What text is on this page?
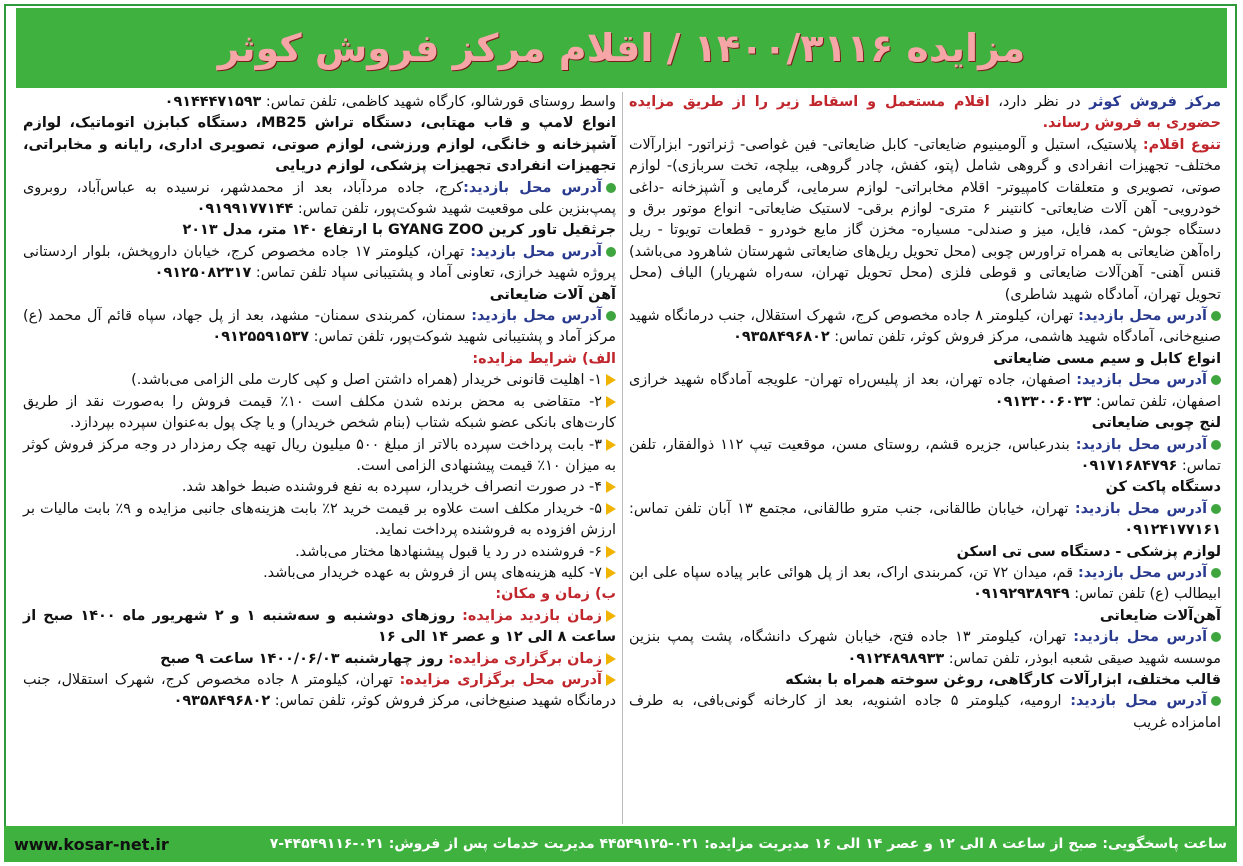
مزایده ۱۴۰۰/۳۱۱۶ / اقلام مرکز فروش کوثر

مرکز فروش کوثر در نظر دارد، اقلام مستعمل و اسقاط زیر را از طریق مزایده حضوری به فروش رساند.

تنوع اقلام: پلاستیک، استیل و آلومینیوم ضایعاتی- کابل ضایعاتی- فین غواصی- ژنراتور- ابزارآلات مختلف- تجهیزات انفرادی و گروهی شامل (پتو، کفش، چادر گروهی، بیلچه، تخت سربازی)- لوازم صوتی، تصویری و متعلقات کامپیوتر- اقلام مخابراتی- لوازم سرمایی، گرمایی و آشپزخانه -داغی خودرویی- آهن آلات ضایعاتی- کانتینر ۶ متری- لوازم برقی- لاستیک ضایعاتی- انواع موتور برق و دستگاه جوش- کمد، فایل، میز و صندلی- مسیاره- مخزن گاز مایع خودرو - قطعات تویوتا - ریل راه‌آهن ضایعاتی به همراه تراورس چوبی (محل تحویل ریل‌های ضایعاتی شهرستان شاهرود می‌باشد) قنس آهنی- آهن‌آلات ضایعاتی و قوطی فلزی (محل تحویل تهران، سه‌راه شهریار) الیاف (محل تحویل تهران، آمادگاه شهید شاطری)

آدرس محل بازدید: تهران، کیلومتر ۸ جاده مخصوص کرج، شهرک استقلال، جنب درمانگاه شهید صنیع‌خانی، آمادگاه شهید هاشمی، مرکز فروش کوثر، تلفن تماس: ۰۹۳۵۸۴۹۶۸۰۲

انواع کابل و سیم مسی ضایعاتی

آدرس محل بازدید: اصفهان، جاده تهران، بعد از پلیس‌راه تهران- علویجه آمادگاه شهید خرازی اصفهان، تلفن تماس: ۰۹۱۳۳۰۰۶۰۳۳

لنج چوبی ضایعاتی

آدرس محل بازدید: بندرعباس، جزیره قشم، روستای مسن، موقعیت تیپ ۱۱۲ ذوالفقار، تلفن تماس: ۰۹۱۷۱۶۸۴۷۹۶

دستگاه پاکت کن

آدرس محل بازدید: تهران، خیابان طالقانی، جنب مترو طالقانی، مجتمع ۱۳ آبان تلفن تماس: ۰۹۱۲۴۱۷۷۱۶۱

لوازم پزشکی - دستگاه سی تی اسکن

آدرس محل بازدید: قم، میدان ۷۲ تن، کمربندی اراک، بعد از پل هوائی عابر پیاده سپاه علی ابن ابیطالب (ع) تلفن تماس: ۰۹۱۹۲۹۳۸۹۴۹

آهن‌آلات ضایعاتی

آدرس محل بازدید: تهران، کیلومتر ۱۳ جاده فتح، خیابان شهرک دانشگاه، پشت پمپ بنزین موسسه شهید صیقی شعبه ابوذر، تلفن تماس: ۰۹۱۲۴۸۹۸۹۳۳

قالب مختلف، ابزارآلات کارگاهی، روغن سوخته همراه با بشکه

آدرس محل بازدید: ارومیه، کیلومتر ۵ جاده اشنویه، بعد از کارخانه گونی‌بافی، به طرف امامزاده غریب

واسط روستای قورشالو، کارگاه شهید کاظمی، تلفن تماس: ۰۹۱۴۴۴۷۱۵۹۳

انواع لامپ و قاب مهتابی، دستگاه تراش MB25، دستگاه کبابزن اتوماتیک، لوازم آشپزخانه و خانگی، لوازم ورزشی، لوازم صوتی، تصویری اداری، رایانه و مخابراتی، تجهیزات انفرادی تجهیزات پزشکی، لوازم دریایی

آدرس محل بازدید:کرج، جاده مردآباد، بعد از محمدشهر، نرسیده به عباس‌آباد، روبروی پمپ‌بنزین علی موقعیت شهید شوکت‌پور، تلفن تماس: ۰۹۱۹۹۱۷۷۱۴۴

جرثقیل تاور کرین GYANG ZOO با ارتفاع ۱۴۰ متر، مدل ۲۰۱۳

آدرس محل بازدید: تهران، کیلومتر ۱۷ جاده مخصوص کرج، خیابان داروپخش، بلوار اردستانی پروژه شهید خرازی، تعاونی آماد و پشتیبانی سپاد تلفن تماس: ۰۹۱۲۵۰۸۲۳۱۷

آهن آلات ضایعاتی

آدرس محل بازدید: سمنان، کمربندی سمنان- مشهد، بعد از پل جهاد، سپاه قائم آل محمد (ع) مرکز آماد و پشتیبانی شهید شوکت‌پور، تلفن تماس: ۰۹۱۲۵۵۹۱۵۳۷

الف) شرایط مزایده:

۱- اهلیت قانونی خریدار (همراه داشتن اصل و کپی کارت ملی الزامی می‌باشد.)

۲- متقاضی به محض برنده شدن مکلف است ۱۰٪ قیمت فروش را به‌صورت نقد از طریق کارت‌های بانکی عضو شبکه شتاب (بنام شخص خریدار) و یا چک پول به‌عنوان سپرده بپردازد.

۳- بابت پرداخت سپرده بالاتر از مبلغ ۵۰۰ میلیون ریال تهیه چک رمزدار در وجه مرکز فروش کوثر به میزان ۱۰٪ قیمت پیشنهادی الزامی است.

۴- در صورت انصراف خریدار، سپرده به نفع فروشنده ضبط خواهد شد.

۵- خریدار مکلف است علاوه بر قیمت خرید ۲٪ بابت هزینه‌های جانبی مزایده و ۹٪ بابت مالیات بر ارزش افزوده به فروشنده پرداخت نماید.

۶- فروشنده در رد یا قبول پیشنهادها مختار می‌باشد.

۷- کلیه هزینه‌های پس از فروش به عهده خریدار می‌باشد.

ب) زمان و مکان:

زمان بازدید مزایده: روزهای دوشنبه و سه‌شنبه ۱ و ۲ شهریور ماه ۱۴۰۰ صبح از ساعت ۸ الی ۱۲ و عصر ۱۴ الی ۱۶

زمان برگزاری مزایده: روز چهارشنبه ۱۴۰۰/۰۶/۰۳ ساعت ۹ صبح

آدرس محل برگزاری مزایده: تهران، کیلومتر ۸ جاده مخصوص کرج، شهرک استقلال، جنب درمانگاه شهید صنیع‌خانی، مرکز فروش کوثر، تلفن تماس: ۰۹۳۵۸۴۹۶۸۰۲

ساعت پاسخگویی: صبح از ساعت ۸ الی ۱۲ و عصر ۱۴ الی ۱۶ مدیریت مزایده: ۰۲۱-۴۴۵۴۹۱۲۵ مدیریت خدمات پس از فروش: ۰۲۱-۴۴۵۴۹۱۱۶-۷
www.kosar-net.ir
